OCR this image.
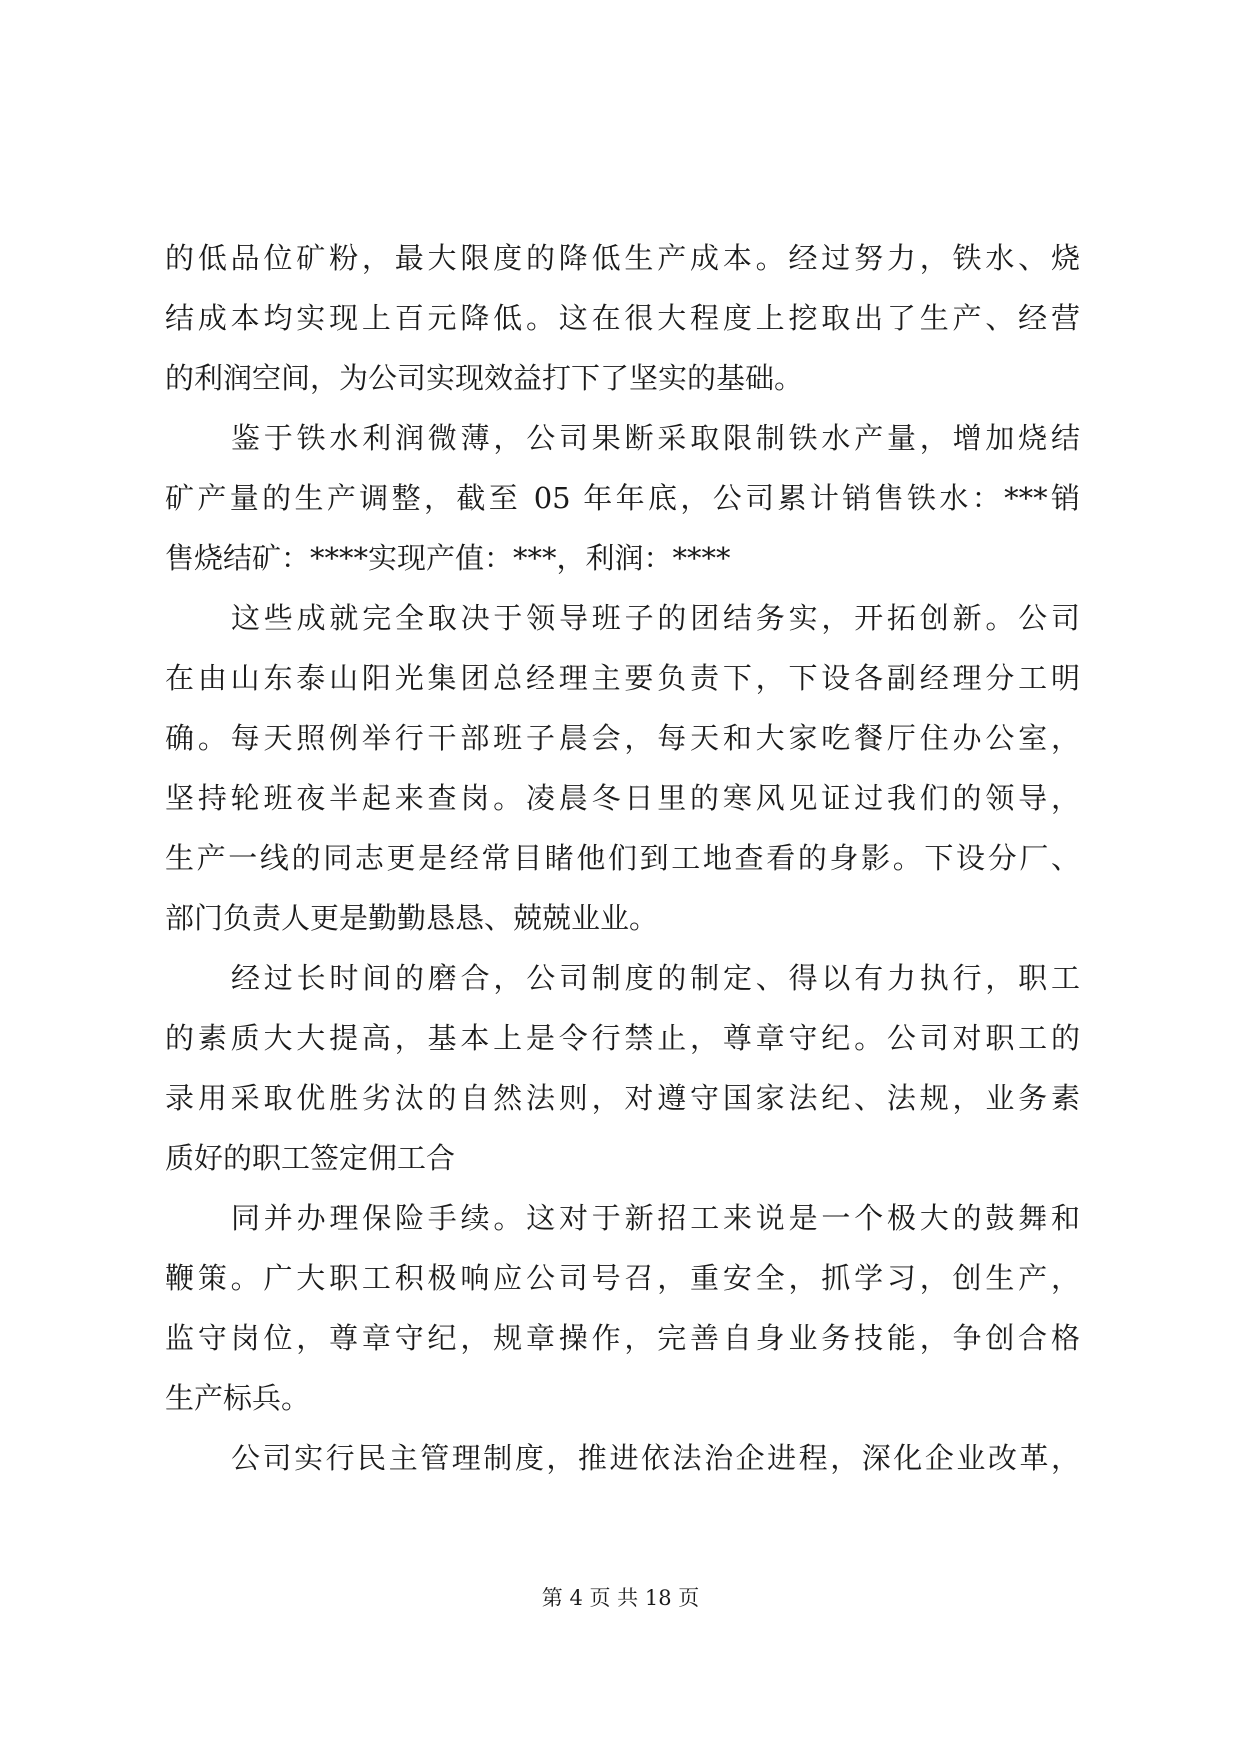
的低品位矿粉，最大限度的降低生产成本。经过努力，铁水、烧
结成本均实现上百元降低。这在很大程度上挖取出了生产、经营
的利润空间，为公司实现效益打下了坚实的基础。
鉴于铁水利润微薄，公司果断采取限制铁水产量，增加烧结
矿产量的生产调整，截至 05 年年底，公司累计销售铁水：***销
售烧结矿：****实现产值：***，利润：****
这些成就完全取决于领导班子的团结务实，开拓创新。公司
在由山东泰山阳光集团总经理主要负责下，下设各副经理分工明
确。每天照例举行干部班子晨会，每天和大家吃餐厅住办公室，
坚持轮班夜半起来查岗。凌晨冬日里的寒风见证过我们的领导，
生产一线的同志更是经常目睹他们到工地查看的身影。下设分厂、
部门负责人更是勤勤恳恳、兢兢业业。
经过长时间的磨合，公司制度的制定、得以有力执行，职工
的素质大大提高，基本上是令行禁止，尊章守纪。公司对职工的
录用采取优胜劣汰的自然法则，对遵守国家法纪、法规，业务素
质好的职工签定佣工合
同并办理保险手续。这对于新招工来说是一个极大的鼓舞和
鞭策。广大职工积极响应公司号召，重安全，抓学习，创生产，
监守岗位，尊章守纪，规章操作，完善自身业务技能，争创合格
生产标兵。
公司实行民主管理制度，推进依法治企进程，深化企业改革，
第 4 页 共 18 页
